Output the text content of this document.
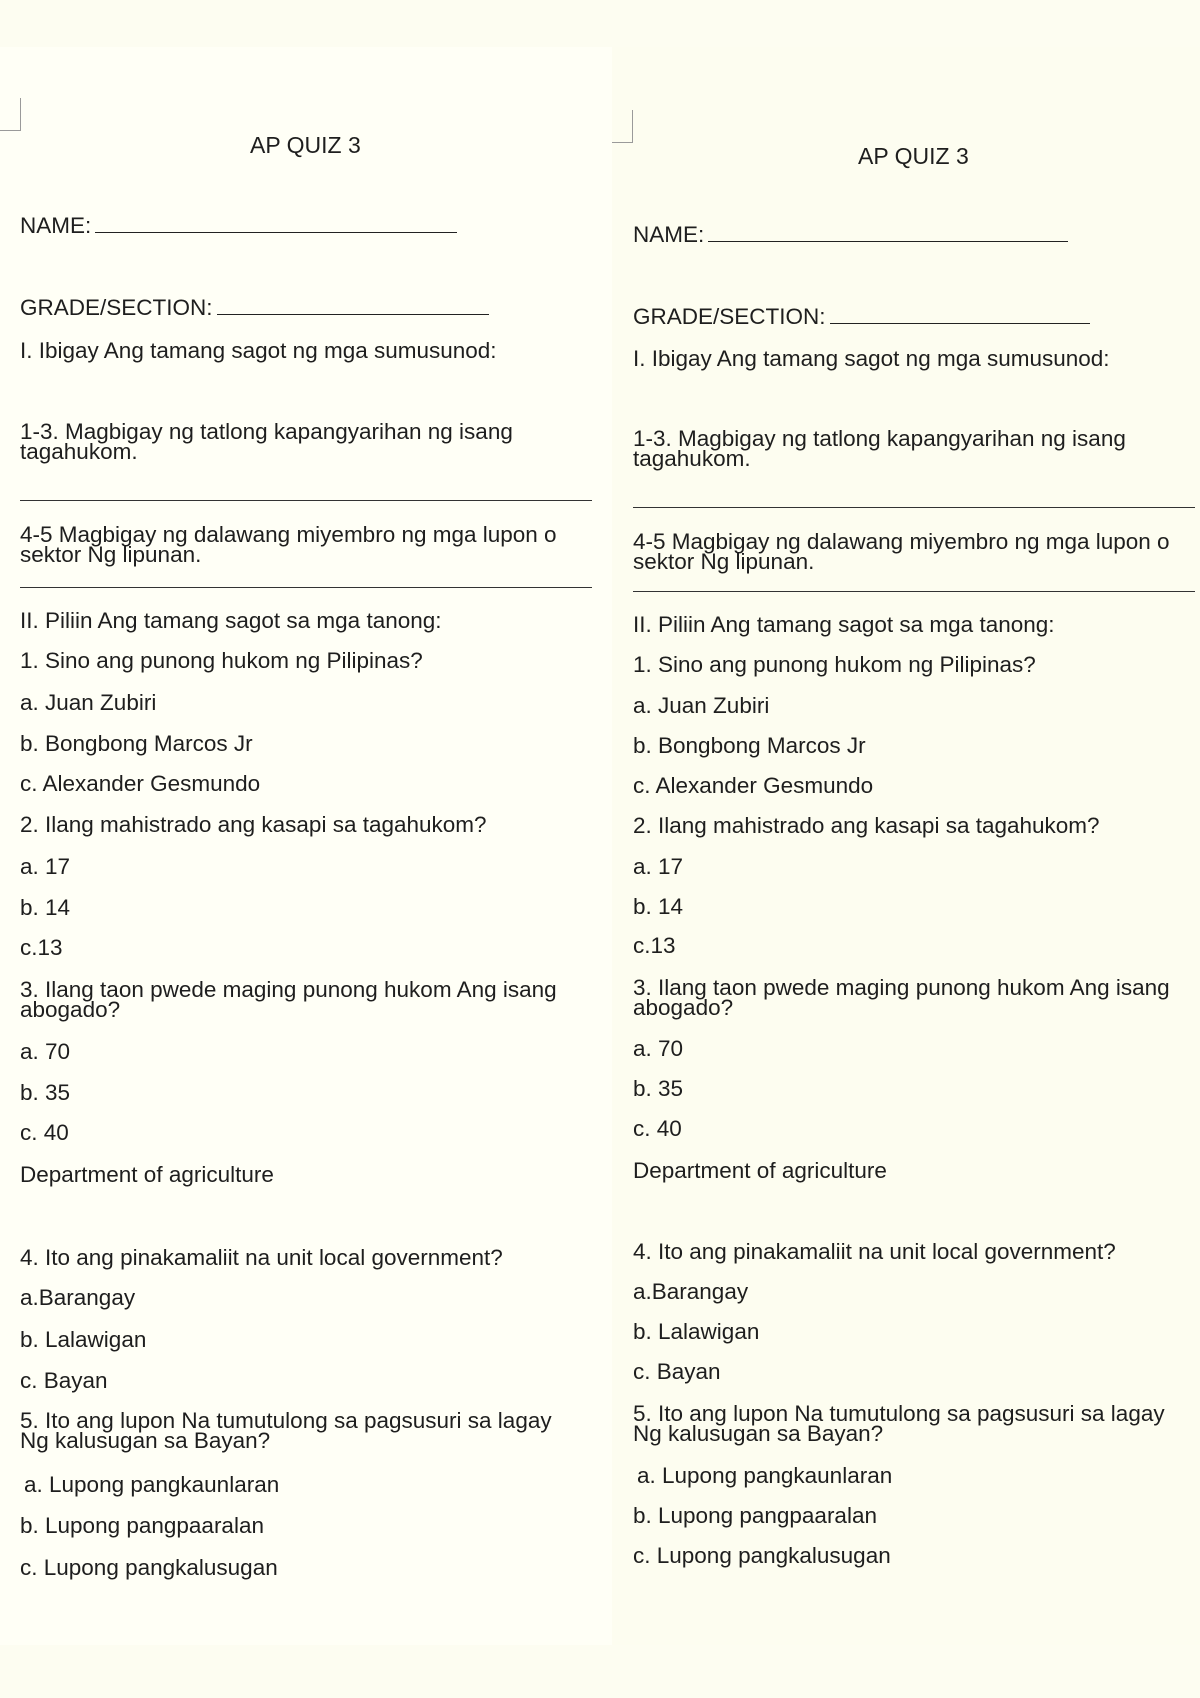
AP QUIZ 3
NAME:
GRADE/SECTION:
I. Ibigay Ang tamang sagot ng mga sumusunod:
1-3. Magbigay ng tatlong kapangyarihan ng isang
tagahukom.
4-5 Magbigay ng dalawang miyembro ng mga lupon o
sektor Ng lipunan.
II. Piliin Ang tamang sagot sa mga tanong:
1. Sino ang punong hukom ng Pilipinas?
a. Juan Zubiri
b. Bongbong Marcos Jr
c. Alexander Gesmundo
2. Ilang mahistrado ang kasapi sa tagahukom?
a. 17
b. 14
c.13
3. Ilang taon pwede maging punong hukom Ang isang
abogado?
a. 70
b. 35
c. 40
Department of agriculture
4. Ito ang pinakamaliit na unit local government?
a.Barangay
b. Lalawigan
c. Bayan
5. Ito ang lupon Na tumutulong sa pagsusuri sa lagay
Ng kalusugan sa Bayan?
a. Lupong pangkaunlaran
b. Lupong pangpaaralan
c. Lupong pangkalusugan
AP QUIZ 3
NAME:
GRADE/SECTION:
I. Ibigay Ang tamang sagot ng mga sumusunod:
1-3. Magbigay ng tatlong kapangyarihan ng isang
tagahukom.
4-5 Magbigay ng dalawang miyembro ng mga lupon o
sektor Ng lipunan.
II. Piliin Ang tamang sagot sa mga tanong:
1. Sino ang punong hukom ng Pilipinas?
a. Juan Zubiri
b. Bongbong Marcos Jr
c. Alexander Gesmundo
2. Ilang mahistrado ang kasapi sa tagahukom?
a. 17
b. 14
c.13
3. Ilang taon pwede maging punong hukom Ang isang
abogado?
a. 70
b. 35
c. 40
Department of agriculture
4. Ito ang pinakamaliit na unit local government?
a.Barangay
b. Lalawigan
c. Bayan
5. Ito ang lupon Na tumutulong sa pagsusuri sa lagay
Ng kalusugan sa Bayan?
a. Lupong pangkaunlaran
b. Lupong pangpaaralan
c. Lupong pangkalusugan
